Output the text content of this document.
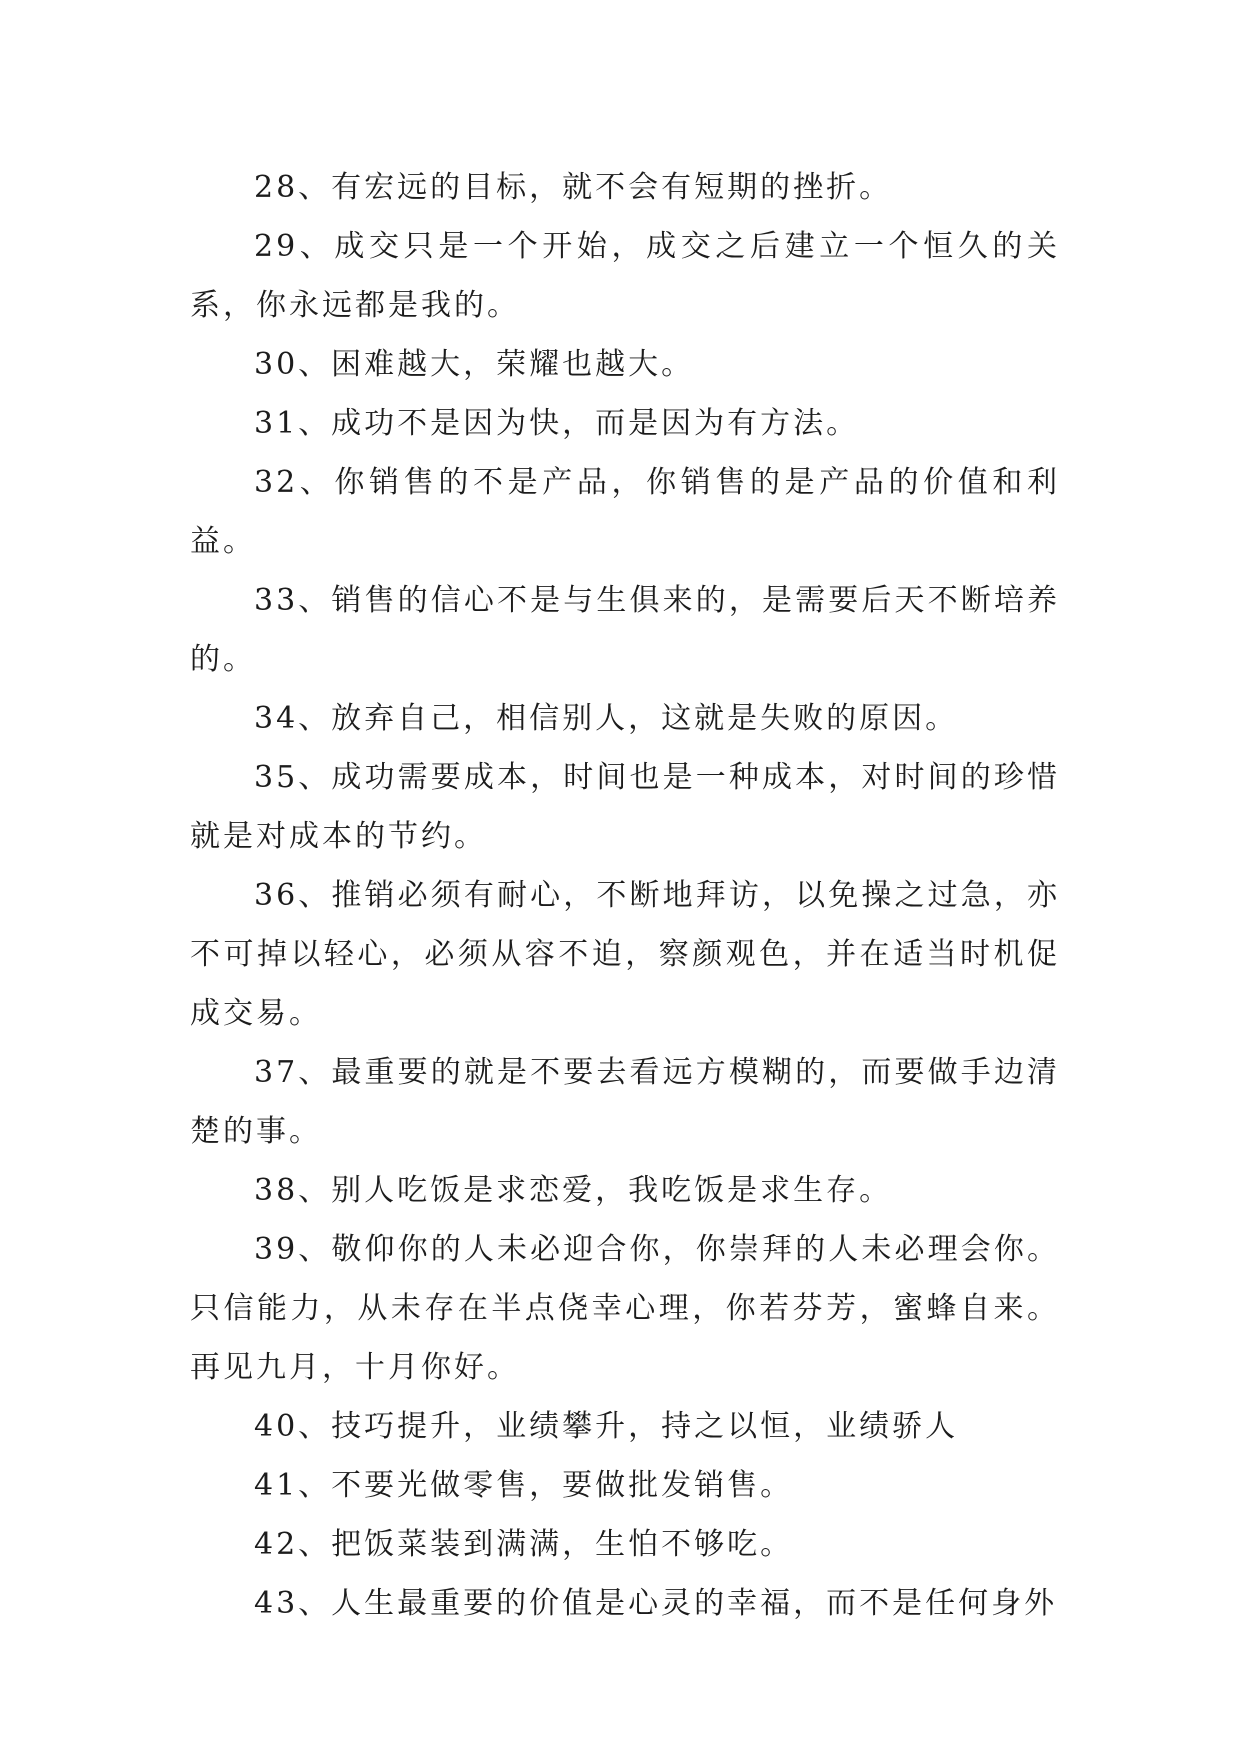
28、有宏远的目标，就不会有短期的挫折。

29、成交只是一个开始，成交之后建立一个恒久的关系，你永远都是我的。

30、困难越大，荣耀也越大。

31、成功不是因为快，而是因为有方法。

32、你销售的不是产品，你销售的是产品的价值和利益。

33、销售的信心不是与生俱来的，是需要后天不断培养的。

34、放弃自己，相信别人，这就是失败的原因。

35、成功需要成本，时间也是一种成本，对时间的珍惜就是对成本的节约。

36、推销必须有耐心，不断地拜访，以免操之过急，亦不可掉以轻心，必须从容不迫，察颜观色，并在适当时机促成交易。

37、最重要的就是不要去看远方模糊的，而要做手边清楚的事。

38、别人吃饭是求恋爱，我吃饭是求生存。

39、敬仰你的人未必迎合你，你崇拜的人未必理会你。只信能力，从未存在半点侥幸心理，你若芬芳，蜜蜂自来。再见九月，十月你好。

40、技巧提升，业绩攀升，持之以恒，业绩骄人

41、不要光做零售，要做批发销售。

42、把饭菜装到满满，生怕不够吃。

43、人生最重要的价值是心灵的幸福，而不是任何身外
